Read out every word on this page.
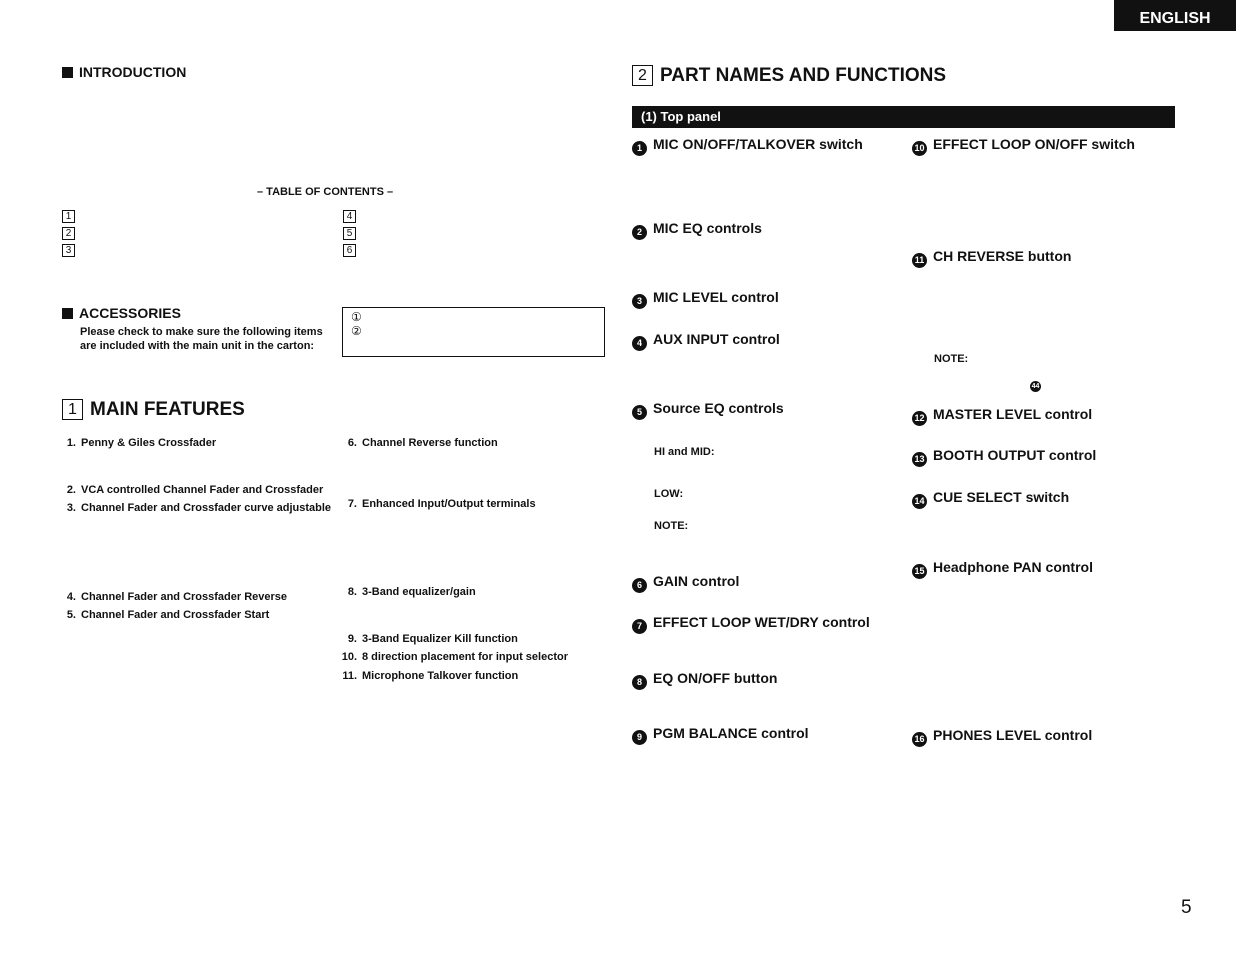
ENGLISH
INTRODUCTION
– TABLE OF CONTENTS –
1
2
3
4
5
6
ACCESSORIES
Please check to make sure the following items
are included with the main unit in the carton:
①
②
1 MAIN FEATURES
1. Penny & Giles Crossfader
2. VCA controlled Channel Fader and Crossfader
3. Channel Fader and Crossfader curve adjustable
4. Channel Fader and Crossfader Reverse
5. Channel Fader and Crossfader Start
6. Channel Reverse function
7. Enhanced Input/Output terminals
8. 3-Band equalizer/gain
9. 3-Band Equalizer Kill function
10. 8 direction placement for input selector
11. Microphone Talkover function
2 PART NAMES AND FUNCTIONS
(1) Top panel
1 MIC ON/OFF/TALKOVER switch
2 MIC EQ controls
3 MIC LEVEL control
4 AUX INPUT control
5 Source EQ controls
HI and MID:
LOW:
NOTE:
6 GAIN control
7 EFFECT LOOP WET/DRY control
8 EQ ON/OFF button
9 PGM BALANCE control
10 EFFECT LOOP ON/OFF switch
11 CH REVERSE button
NOTE:
44
12 MASTER LEVEL control
13 BOOTH OUTPUT control
14 CUE SELECT switch
15 Headphone PAN control
16 PHONES LEVEL control
5
